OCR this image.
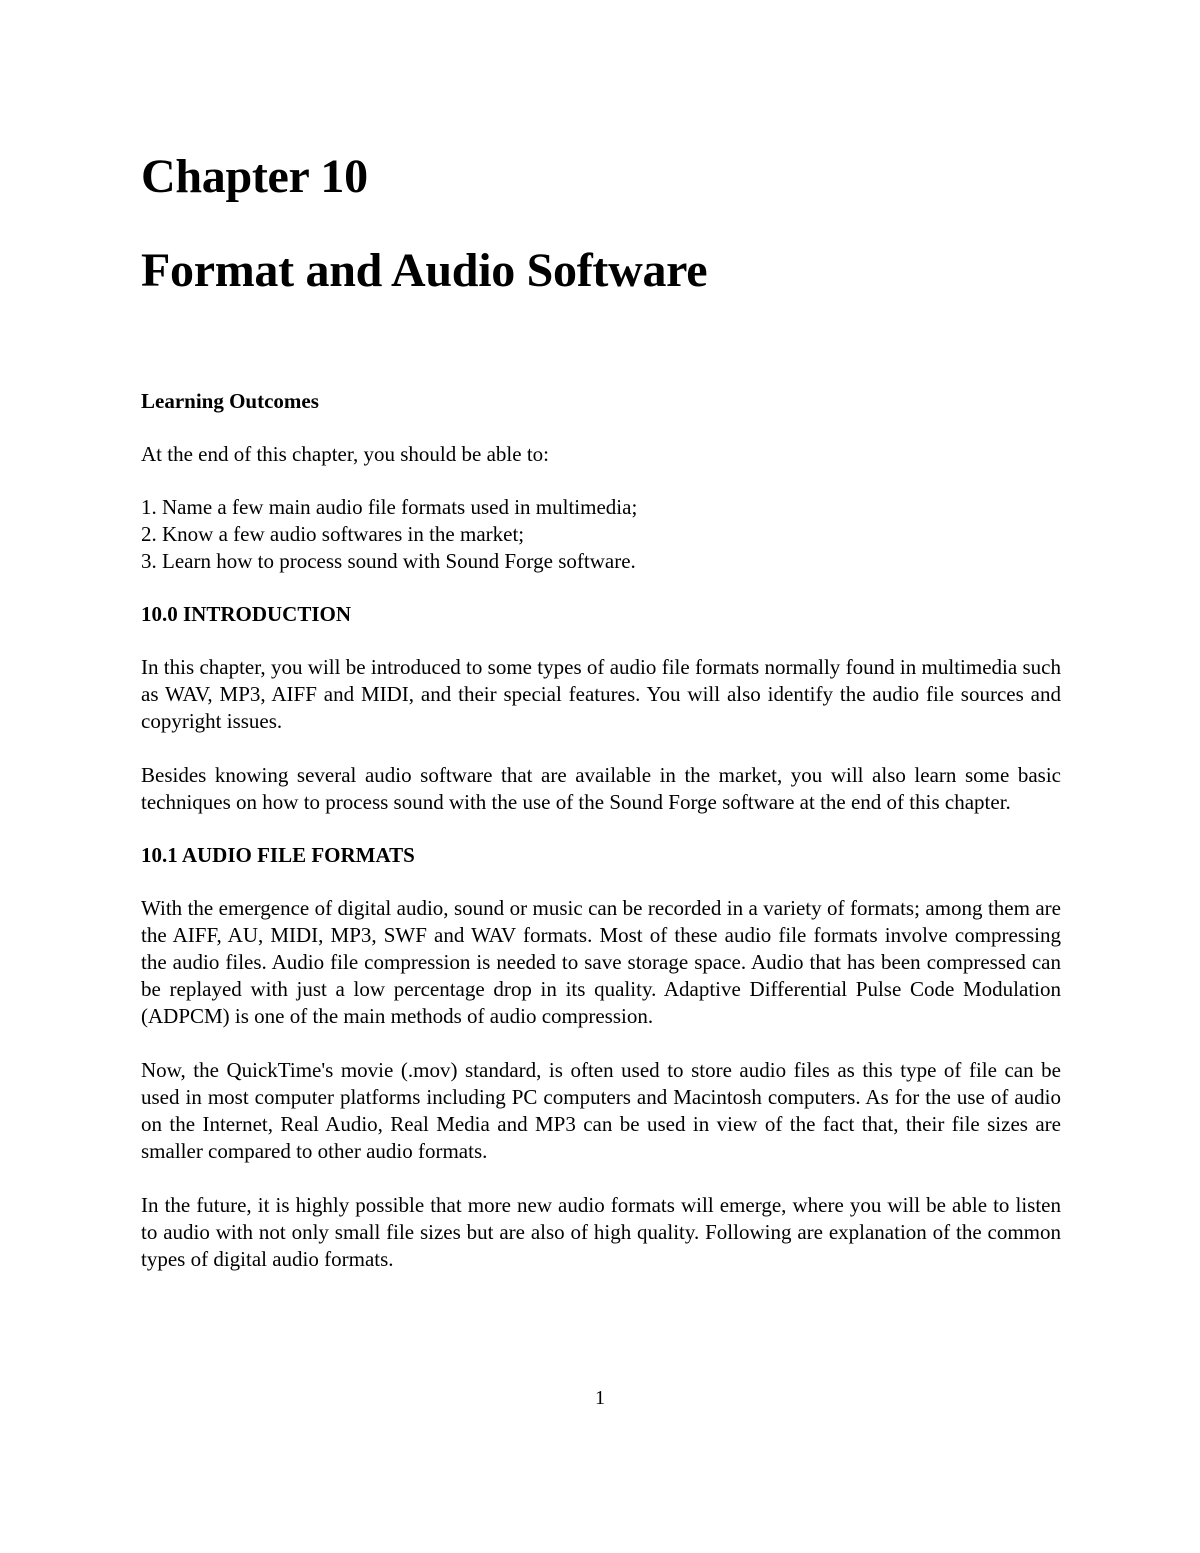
Chapter 10
Format and Audio Software
Learning Outcomes

At the end of this chapter, you should be able to:

1. Name a few main audio file formats used in multimedia;
2. Know a few audio softwares in the market;
3. Learn how to process sound with Sound Forge software.
10.0 INTRODUCTION

In this chapter, you will be introduced to some types of audio file formats normally found in multimedia such as WAV, MP3, AIFF and MIDI, and their special features. You will also identify the audio file sources and copyright issues.

Besides knowing several audio software that are available in the market, you will also learn some basic techniques on how to process sound with the use of the Sound Forge software at the end of this chapter.

10.1 AUDIO FILE FORMATS

With the emergence of digital audio, sound or music can be recorded in a variety of formats; among them are the AIFF, AU, MIDI, MP3, SWF and WAV formats. Most of these audio file formats involve compressing the audio files. Audio file compression is needed to save storage space. Audio that has been compressed can be replayed with just a low percentage drop in its quality. Adaptive Differential Pulse Code Modulation (ADPCM) is one of the main methods of audio compression.

Now, the QuickTime's movie (.mov) standard, is often used to store audio files as this type of file can be used in most computer platforms including PC computers and Macintosh computers. As for the use of audio on the Internet, Real Audio, Real Media and MP3 can be used in view of the fact that, their file sizes are smaller compared to other audio formats.

In the future, it is highly possible that more new audio formats will emerge, where you will be able to listen to audio with not only small file sizes but are also of high quality. Following are explanation of the common types of digital audio formats.

1
